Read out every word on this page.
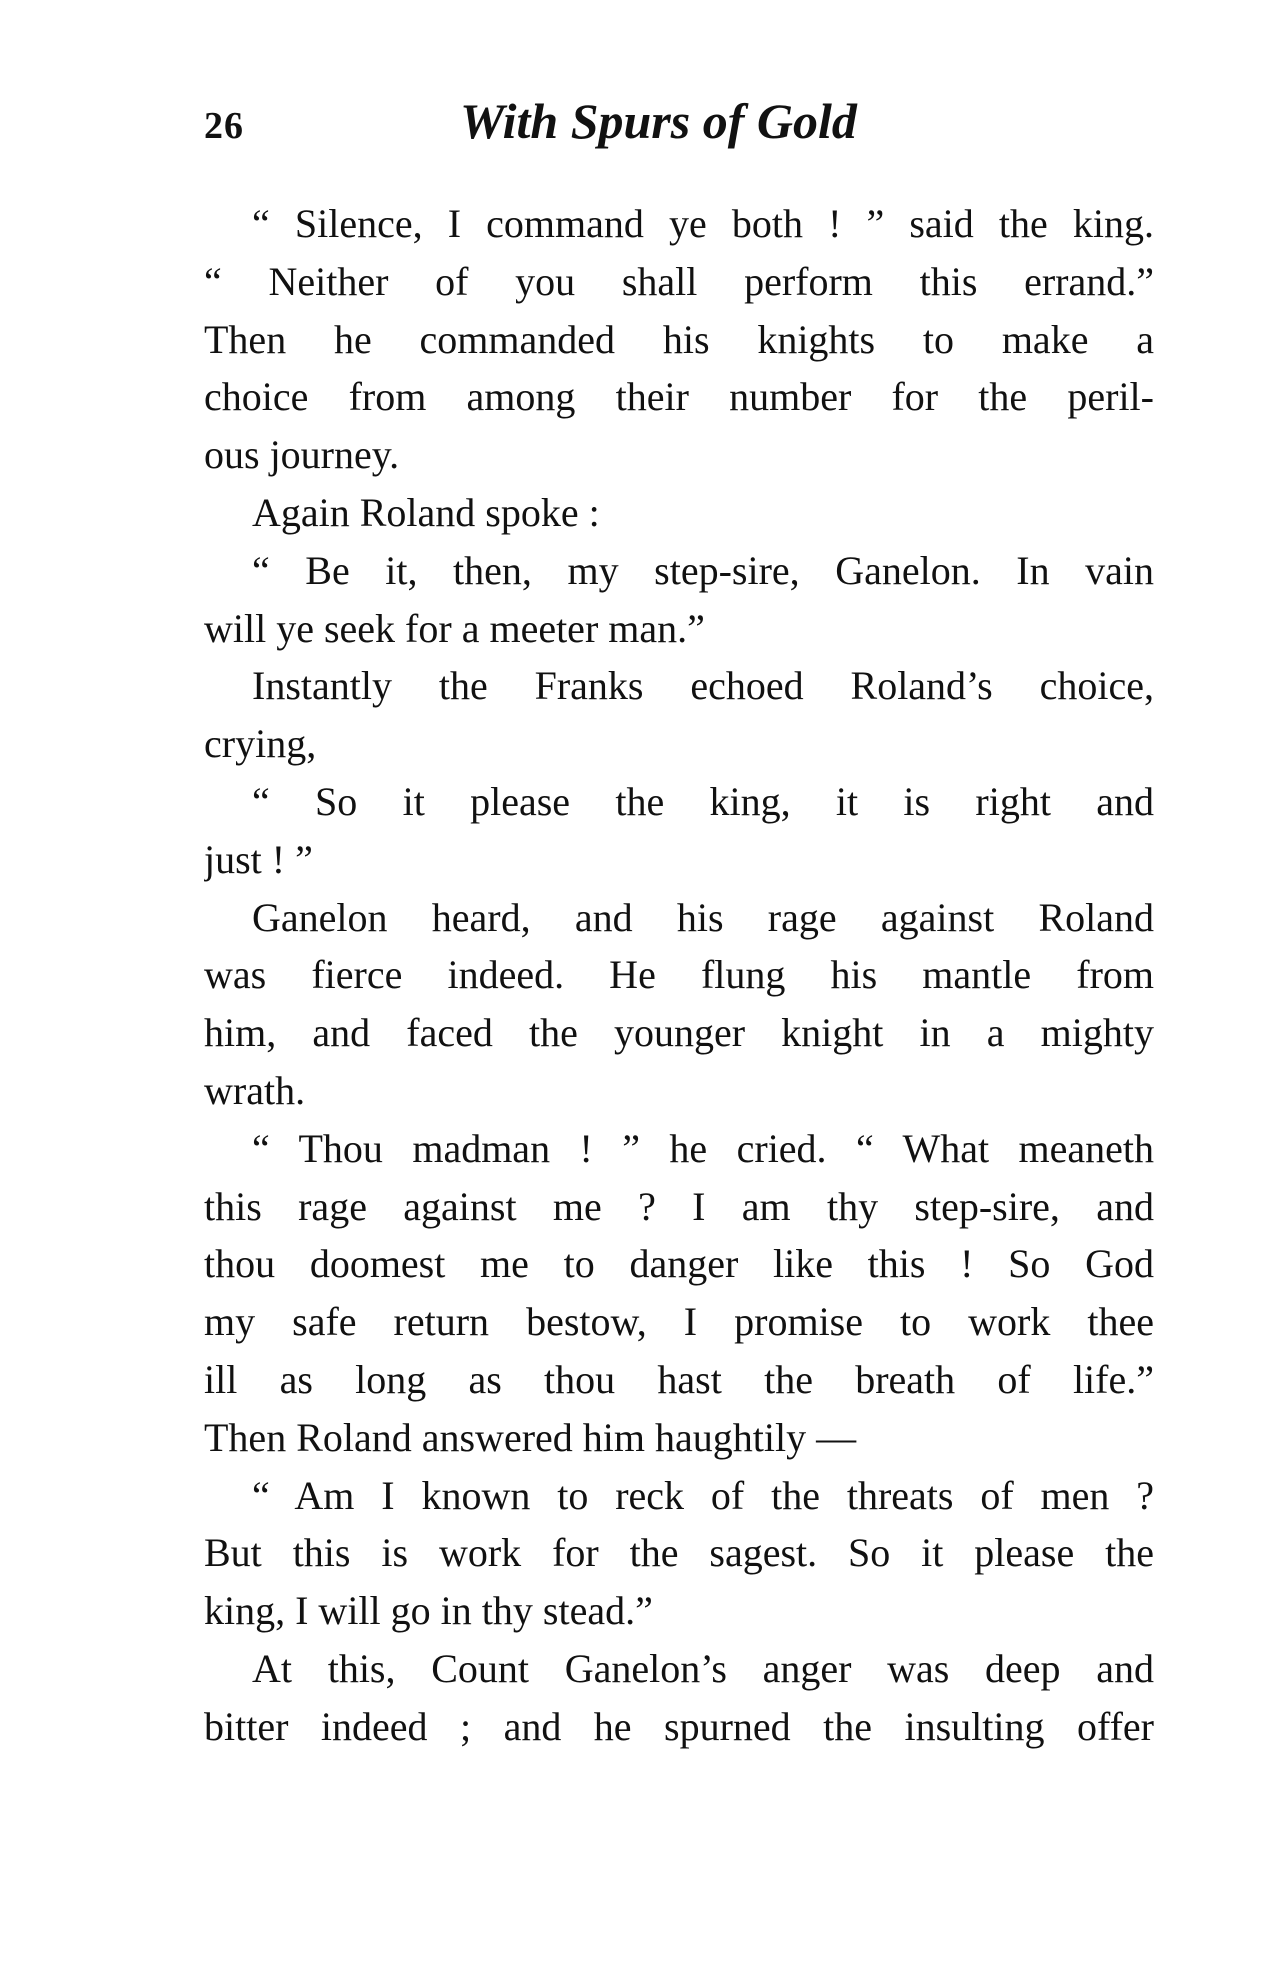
26	With Spurs of Gold
“ Silence, I command ye both ! ” said the king.
“ Neither of you shall perform this errand.”
Then he commanded his knights to make a
choice from among their number for the peril-
ous journey.
Again Roland spoke :
“ Be it, then, my step-sire, Ganelon. In vain
will ye seek for a meeter man.”
Instantly the Franks echoed Roland’s choice,
crying,
“ So it please the king, it is right and
just ! ”
Ganelon heard, and his rage against Roland
was fierce indeed. He flung his mantle from
him, and faced the younger knight in a mighty
wrath.
“ Thou madman ! ” he cried. “ What meaneth
this rage against me ? I am thy step-sire, and
thou doomest me to danger like this ! So God
my safe return bestow, I promise to work thee
ill as long as thou hast the breath of life.”
Then Roland answered him haughtily —
“ Am I known to reck of the threats of men ?
But this is work for the sagest. So it please the
king, I will go in thy stead.”
At this, Count Ganelon’s anger was deep and
bitter indeed ; and he spurned the insulting offer
